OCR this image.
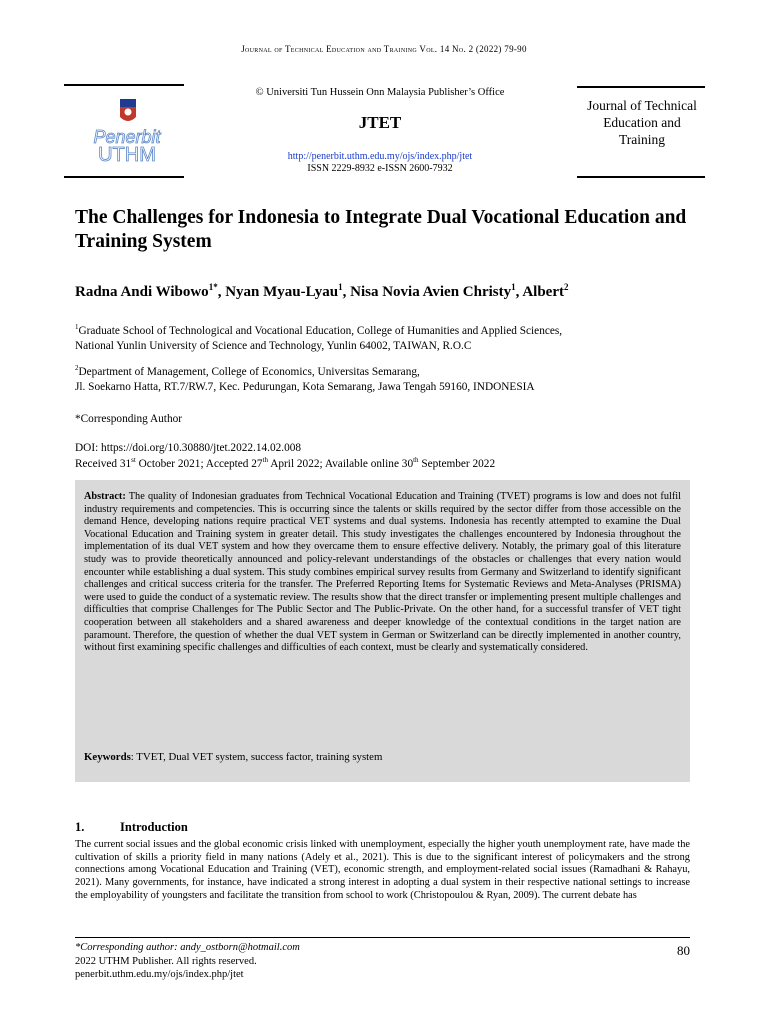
Journal of Technical Education and Training Vol. 14 No. 2 (2022) 79-90
Penerbit
UTHM
© Universiti Tun Hussein Onn Malaysia Publisher’s Office
JTET
http://penerbit.uthm.edu.my/ojs/index.php/jtet
ISSN 2229-8932 e-ISSN 2600-7932
Journal of Technical Education and Training
The Challenges for Indonesia to Integrate Dual Vocational Education and Training System
Radna Andi Wibowo$^{1*}$, Nyan Myau-Lyau$^1$, Nisa Novia Avien Christy$^1$, Albert$^2$
$^1$Graduate School of Technological and Vocational Education, College of Humanities and Applied Sciences,
National Yunlin University of Science and Technology, Yunlin 64002, TAIWAN, R.O.C
$^2$Department of Management, College of Economics, Universitas Semarang,
Jl. Soekarno Hatta, RT.7/RW.7, Kec. Pedurungan, Kota Semarang, Jawa Tengah 59160, INDONESIA
*Corresponding Author
DOI: https://doi.org/10.30880/jtet.2022.14.02.008
Received 31st October 2021; Accepted 27th April 2022; Available online 30th September 2022
Abstract: The quality of Indonesian graduates from Technical Vocational Education and Training (TVET) programs is low and does not fulfil industry requirements and competencies. This is occurring since the talents or skills required by the sector differ from those accessible on the demand Hence, developing nations require practical VET systems and dual systems. Indonesia has recently attempted to examine the Dual Vocational Education and Training system in greater detail. This study investigates the challenges encountered by Indonesia throughout the implementation of its dual VET system and how they overcame them to ensure effective delivery. Notably, the primary goal of this literature study was to provide theoretically announced and policy-relevant understandings of the obstacles or challenges that every nation would encounter while establishing a dual system. This study combines empirical survey results from Germany and Switzerland to identify significant challenges and critical success criteria for the transfer. The Preferred Reporting Items for Systematic Reviews and Meta-Analyses (PRISMA) were used to guide the conduct of a systematic review. The results show that the direct transfer or implementing present multiple challenges and difficulties that comprise Challenges for The Public Sector and The Public-Private. On the other hand, for a successful transfer of VET tight cooperation between all stakeholders and a shared awareness and deeper knowledge of the contextual conditions in the target nation are paramount. Therefore, the question of whether the dual VET system in German or Switzerland can be directly implemented in another country, without first examining specific challenges and difficulties of each context, must be clearly and systematically considered.
Keywords: TVET, Dual VET system, success factor, training system
1.	Introduction
The current social issues and the global economic crisis linked with unemployment, especially the higher youth unemployment rate, have made the cultivation of skills a priority field in many nations (Adely et al., 2021). This is due to the significant interest of policymakers and the strong connections among Vocational Education and Training (VET), economic strength, and employment-related social issues (Ramadhani & Rahayu, 2021). Many governments, for instance, have indicated a strong interest in adopting a dual system in their respective national settings to increase the employability of youngsters and facilitate the transition from school to work (Christopoulou & Ryan, 2009). The current debate has
*Corresponding author: andy_ostborn@hotmail.com
2022 UTHM Publisher. All rights reserved.
penerbit.uthm.edu.my/ojs/index.php/jtet
80
